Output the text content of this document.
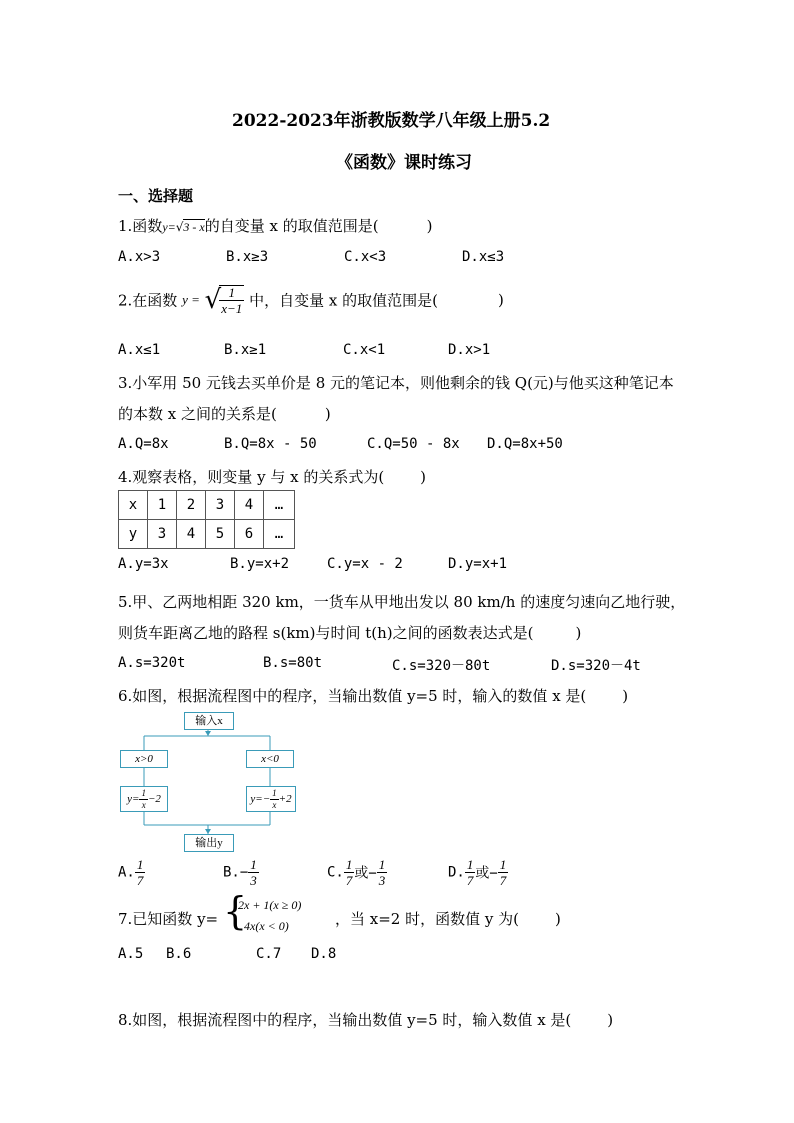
2022-2023年浙教版数学八年级上册5.2
《函数》课时练习
一、选择题
1.函数y=√3 - x的自变量 x 的取值范围是(	)
A.x>3	B.x≥3	C.x<3	D.x≤3
2.在函数 y = √
$\frac{1}{x-1}$ 中，自变量 x 的取值范围是(	)
A.x≤1	B.x≥1	C.x<1	D.x>1
3.小军用 50 元钱去买单价是 8 元的笔记本，则他剩余的钱 Q(元)与他买这种笔记本
的本数 x 之间的关系是(	)
A.Q=8x	B.Q=8x - 50	C.Q=50 - 8x D.Q=8x+50
4.观察表格，则变量 y 与 x 的关系式为( )
x	1	2	3	4	…
y	3	4	5	6	…
A.y=3x	B.y=x+2	C.y=x - 2	D.y=x+1
5.甲、乙两地相距 320 km，一货车从甲地出发以 80 km/h 的速度匀速向乙地行驶，
则货车距离乙地的路程 s(km)与时间 t(h)之间的函数表达式是(	)
A.s=320t	B.s=80t	C.s=320－80t	D.s=320－4t
6.如图，根据流程图中的程序，当输出数值 y=5 时，输入的数值 x 是( )
输入x
x>0	x<0
$y= \frac{1}{x} -2$	$y=- \frac{1}{x} +2$
输出y
A. $\frac{1}{7}$	$B.- \frac{1}{3}$	C. $\frac{1}{7}$ 或− $\frac{1}{3}$	D. $\frac{1}{7}$ 或− $\frac{1}{7}$
7.已知函数 y= {
2x + 1(x ≥ 0)
4x(x < 0)	，当 x=2 时，函数值 y 为( )
A.5 B.6	C.7 D.8
8.如图，根据流程图中的程序，当输出数值 y=5 时，输入数值 x 是( )
